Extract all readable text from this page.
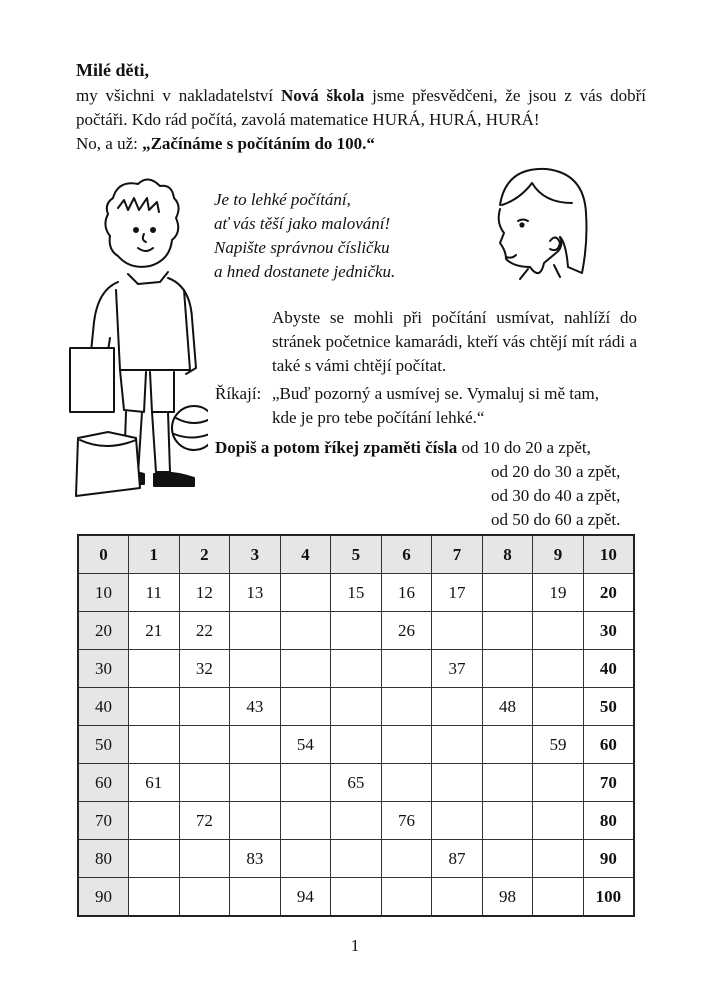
Milé děti,
my všichni v nakladatelství Nová škola jsme přesvědčeni, že jsou z vás dobří počtáři. Kdo rád počítá, zavolá matematice HURÁ, HURÁ, HURÁ!
No, a už: „Začínáme s počítáním do 100.“
Je to lehké počítání,
ať vás těší jako malování!
Napište správnou čísličku
a hned dostanete jedničku.
Abyste se mohli při počítání usmívat, nahlíží do stránek početnice kamarádi, kteří vás chtějí mít rádi a také s vámi chtějí počítat.
Říkají: „Buď pozorný a usmívej se. Vymaluj si mě tam,
kde je pro tebe počítání lehké.“
Dopiš a potom říkej zpaměti čísla od 10 do 20 a zpět,
od 20 do 30 a zpět,
od 30 do 40 a zpět,
od 50 do 60 a zpět.
0	1	2	3	4	5	6	7	8	9	10
10	11	12	13		15	16	17		19	20
20	21	22				26				30
30		32					37			40
40			43					48		50
50				54					59	60
60	61				65					70
70		72				76				80
80			83				87			90
90				94				98		100
1
